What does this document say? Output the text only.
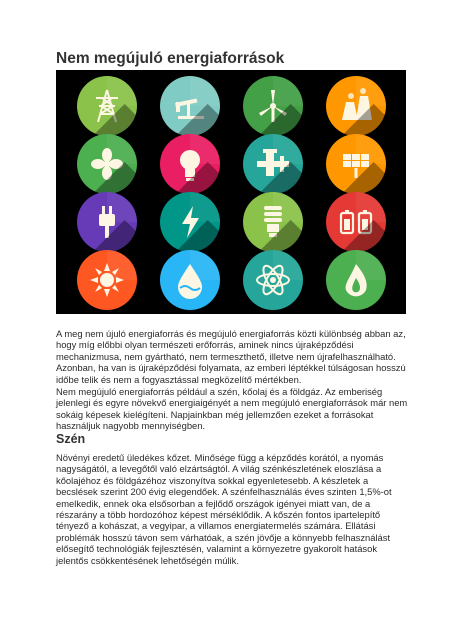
Nem megújuló energiaforrások
A meg nem újuló energiaforrás és megújuló energiaforrás közti különbség abban az,
hogy míg előbbi olyan természeti erőforrás, aminek nincs újraképződési
mechanizmusa, nem gyártható, nem termeszthető, illetve nem újrafelhasználható.
Azonban, ha van is újraképződési folyamata, az emberi léptékkel túlságosan hosszú
időbe telik és nem a fogyasztással megközelítő mértékben.
Nem megújuló energiaforrás például a szén, kőolaj és a földgáz. Az emberiség
jelenlegi és egyre növekvő energiaigényét a nem megújuló energiaforrások már nem
sokáig képesek kielégíteni. Napjainkban még jellemzően ezeket a forrásokat
használjuk nagyobb mennyiségben.
Szén
Növényi eredetű üledékes kőzet. Minősége függ a képződés korától, a nyomás
nagyságától, a levegőtől való elzártságtól. A világ szénkészletének eloszlása a
kőolajéhoz és földgázéhoz viszonyítva sokkal egyenletesebb. A készletek a
becslések szerint 200 évig elegendőek. A szénfelhasználás éves szinten 1,5%-ot
emelkedik, ennek oka elsősorban a fejlődő országok igényei miatt van, de a
részarány a több hordozóhoz képest mérséklődik. A kőszén fontos ipartelepítő
tényező a kohászat, a vegyipar, a villamos energiatermelés számára. Ellátási
problémák hosszú távon sem várhatóak, a szén jövője a könnyebb felhasználást
elősegítő technológiák fejlesztésén, valamint a környezetre gyakorolt hatások
jelentős csökkentésének lehetőségén múlik.
